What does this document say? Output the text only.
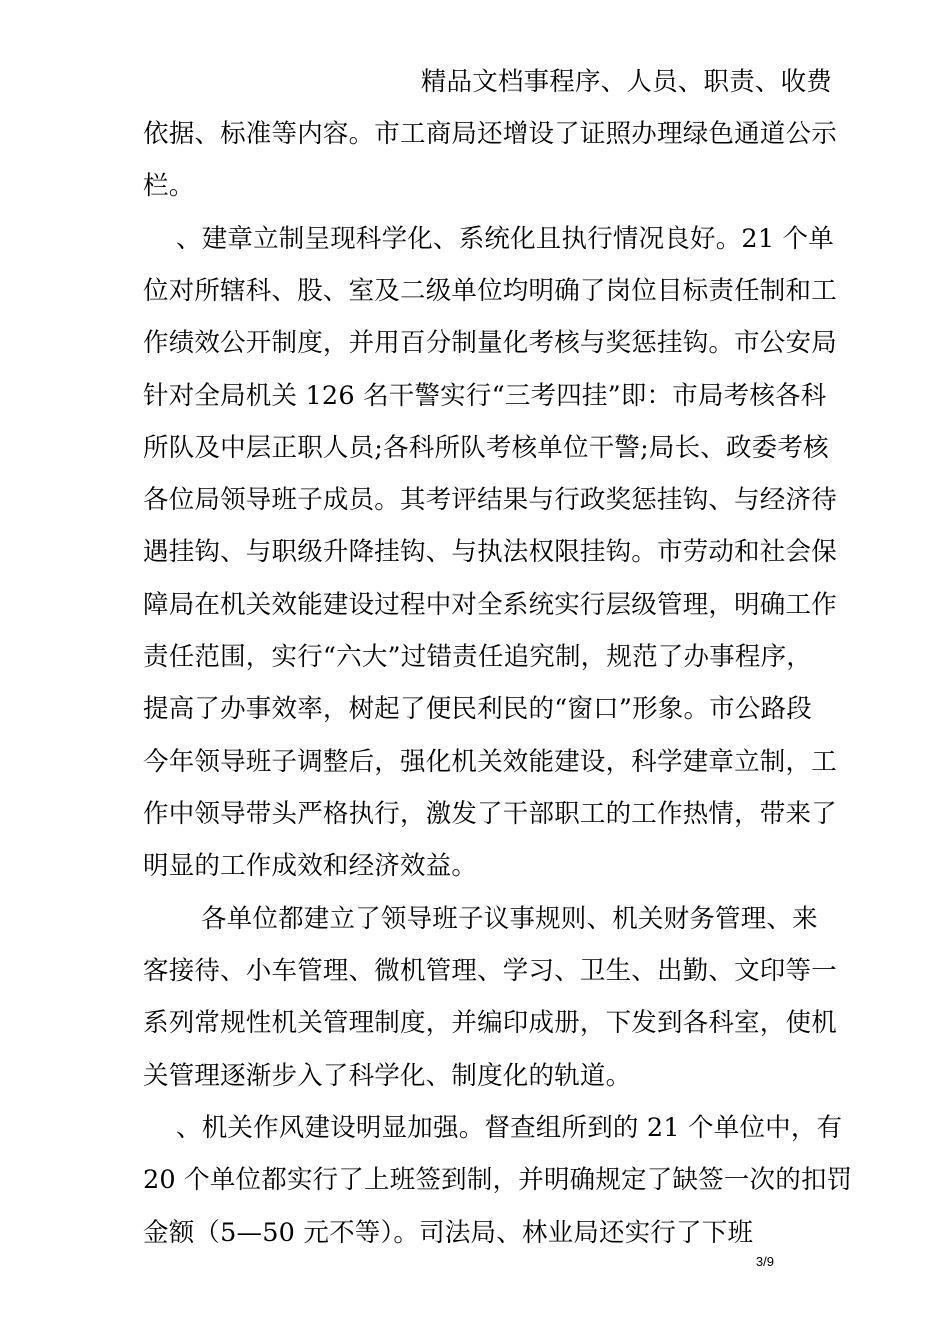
精品文档事程序、人员、职责、收费
依据、标准等内容。市工商局还增设了证照办理绿色通道公示
栏。
、建章立制呈现科学化、系统化且执行情况良好。21 个单
位对所辖科、股、室及二级单位均明确了岗位目标责任制和工
作绩效公开制度，并用百分制量化考核与奖惩挂钩。市公安局
针对全局机关 126 名干警实行“三考四挂”即：市局考核各科
所队及中层正职人员;各科所队考核单位干警;局长、政委考核
各位局领导班子成员。其考评结果与行政奖惩挂钩、与经济待
遇挂钩、与职级升降挂钩、与执法权限挂钩。市劳动和社会保
障局在机关效能建设过程中对全系统实行层级管理，明确工作
责任范围，实行“六大”过错责任追究制，规范了办事程序，
提高了办事效率，树起了便民利民的“窗口”形象。市公路段
今年领导班子调整后，强化机关效能建设，科学建章立制，工
作中领导带头严格执行，激发了干部职工的工作热情，带来了
明显的工作成效和经济效益。
各单位都建立了领导班子议事规则、机关财务管理、来
客接待、小车管理、微机管理、学习、卫生、出勤、文印等一
系列常规性机关管理制度，并编印成册，下发到各科室，使机
关管理逐渐步入了科学化、制度化的轨道。
、机关作风建设明显加强。督查组所到的 21 个单位中，有
20 个单位都实行了上班签到制，并明确规定了缺签一次的扣罚
金额（5—50 元不等）。司法局、林业局还实行了下班
3/9
